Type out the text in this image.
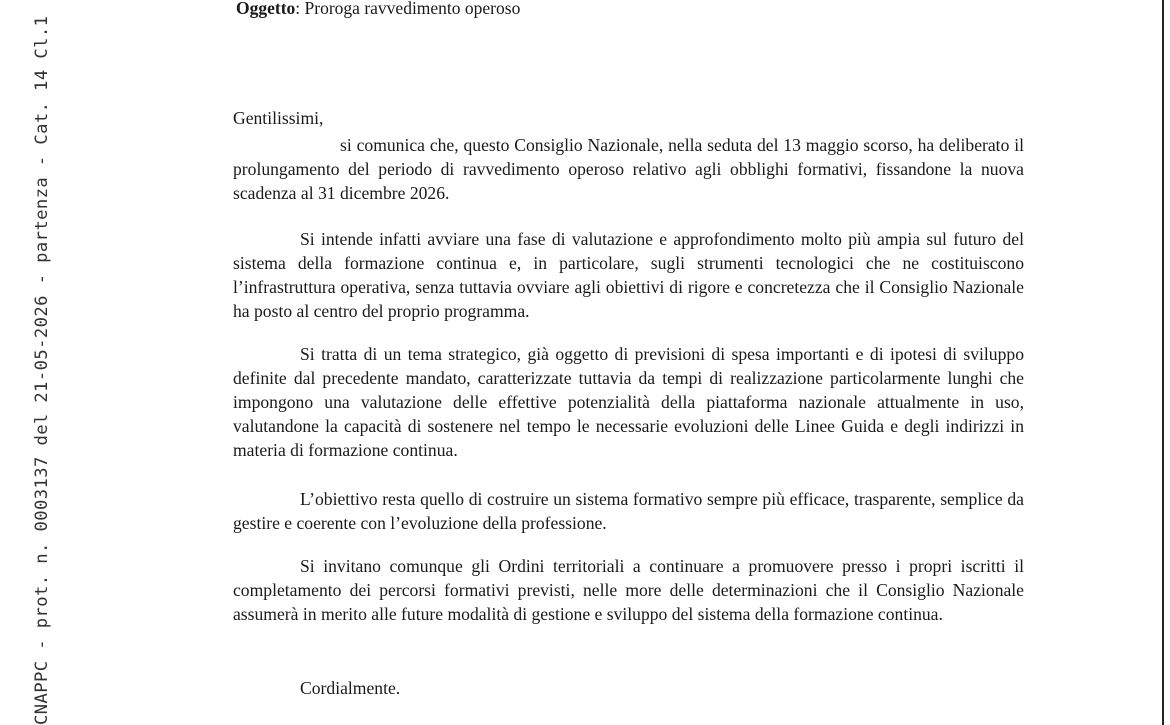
CNAPPC - prot. n. 0003137 del 21-05-2026 - partenza - Cat. 14 Cl.1
Oggetto: Proroga ravvedimento operoso
Gentilissimi,

si comunica che, questo Consiglio Nazionale, nella seduta del 13 maggio scorso, ha deliberato il prolungamento del periodo di ravvedimento operoso relativo agli obblighi formativi, fissandone la nuova scadenza al 31 dicembre 2026.

Si intende infatti avviare una fase di valutazione e approfondimento molto più ampia sul futuro del sistema della formazione continua e, in particolare, sugli strumenti tecnologici che ne costituiscono l’infrastruttura operativa, senza tuttavia ovviare agli obiettivi di rigore e concretezza che il Consiglio Nazionale ha posto al centro del proprio programma.

Si tratta di un tema strategico, già oggetto di previsioni di spesa importanti e di ipotesi di sviluppo definite dal precedente mandato, caratterizzate tuttavia da tempi di realizzazione particolarmente lunghi che impongono una valutazione delle effettive potenzialità della piattaforma nazionale attualmente in uso, valutandone la capacità di sostenere nel tempo le necessarie evoluzioni delle Linee Guida e degli indirizzi in materia di formazione continua.

L’obiettivo resta quello di costruire un sistema formativo sempre più efficace, trasparente, semplice da gestire e coerente con l’evoluzione della professione.

Si invitano comunque gli Ordini territoriali a continuare a promuovere presso i propri iscritti il completamento dei percorsi formativi previsti, nelle more delle determinazioni che il Consiglio Nazionale assumerà in merito alle future modalità di gestione e sviluppo del sistema della formazione continua.

Cordialmente.
